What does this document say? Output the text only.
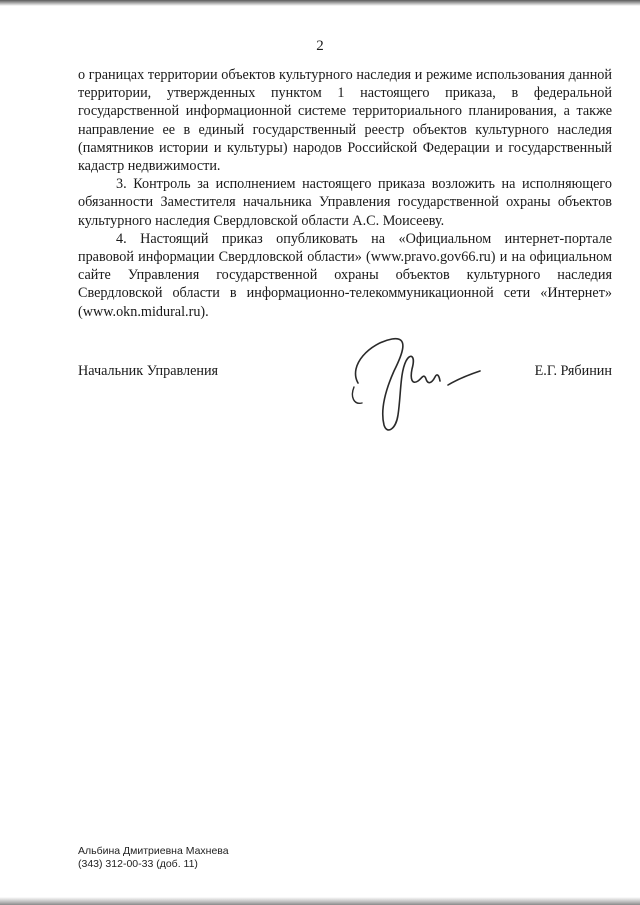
2

о границах территории объектов культурного наследия и режиме использования данной территории, утвержденных пунктом 1 настоящего приказа, в федеральной государственной информационной системе территориального планирования, а также направление ее в единый государственный реестр объектов культурного наследия (памятников истории и культуры) народов Российской Федерации и государственный кадастр недвижимости.

3. Контроль за исполнением настоящего приказа возложить на исполняющего обязанности Заместителя начальника Управления государственной охраны объектов культурного наследия Свердловской области А.С. Моисееву.

4. Настоящий приказ опубликовать на «Официальном интернет-портале правовой информации Свердловской области» (www.pravo.gov66.ru) и на официальном сайте Управления государственной охраны объектов культурного наследия Свердловской области в информационно-телекоммуникационной сети «Интернет» (www.okn.midural.ru).

Начальник Управления	Е.Г. Рябинин
Альбина Дмитриевна Махнева
(343) 312-00-33 (доб. 11)
